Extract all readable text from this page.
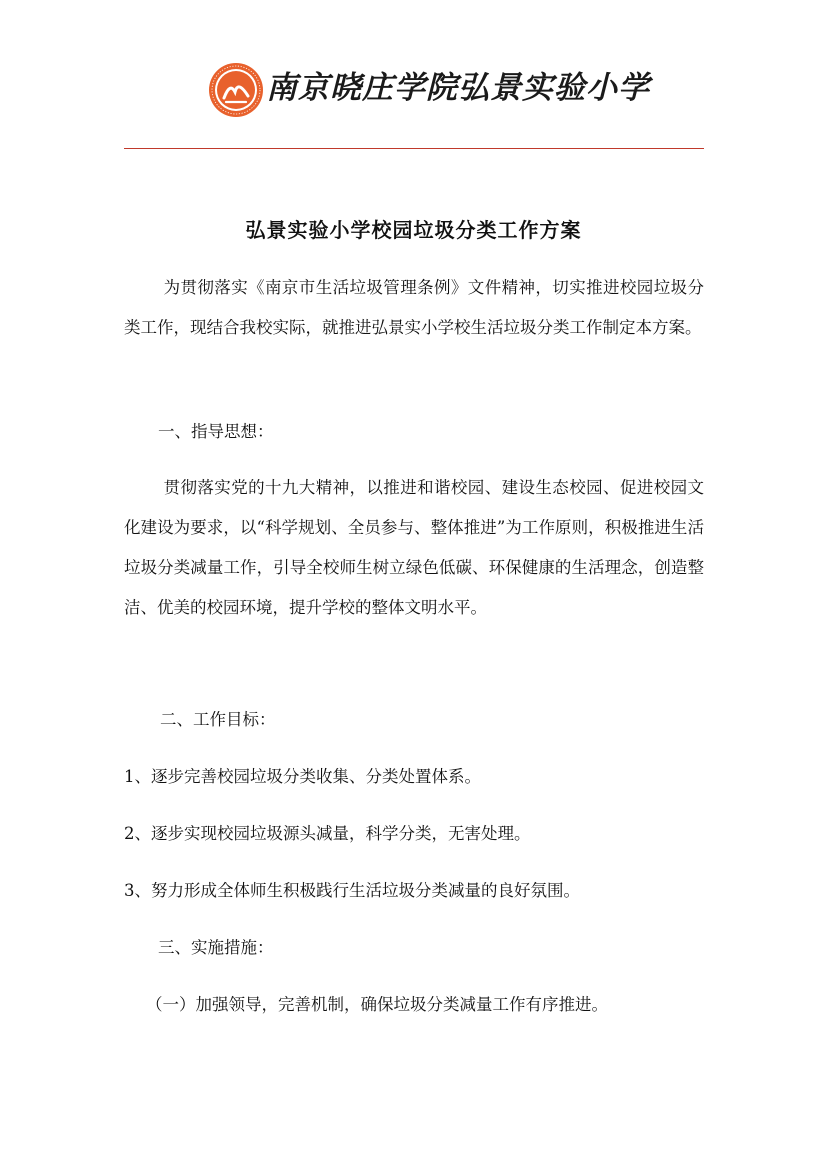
南京晓庄学院弘景实验小学
弘景实验小学校园垃圾分类工作方案

为贯彻落实《南京市生活垃圾管理条例》文件精神，切实推进校园垃圾分类工作，现结合我校实际，就推进弘景实小学校生活垃圾分类工作制定本方案。

一、指导思想：

贯彻落实党的十九大精神，以推进和谐校园、建设生态校园、促进校园文化建设为要求，以“科学规划、全员参与、整体推进”为工作原则，积极推进生活垃圾分类减量工作，引导全校师生树立绿色低碳、环保健康的生活理念，创造整洁、优美的校园环境，提升学校的整体文明水平。

二、工作目标：

1、逐步完善校园垃圾分类收集、分类处置体系。

2、逐步实现校园垃圾源头减量，科学分类，无害处理。

3、努力形成全体师生积极践行生活垃圾分类减量的良好氛围。

三、实施措施：

（一）加强领导，完善机制，确保垃圾分类减量工作有序推进。
